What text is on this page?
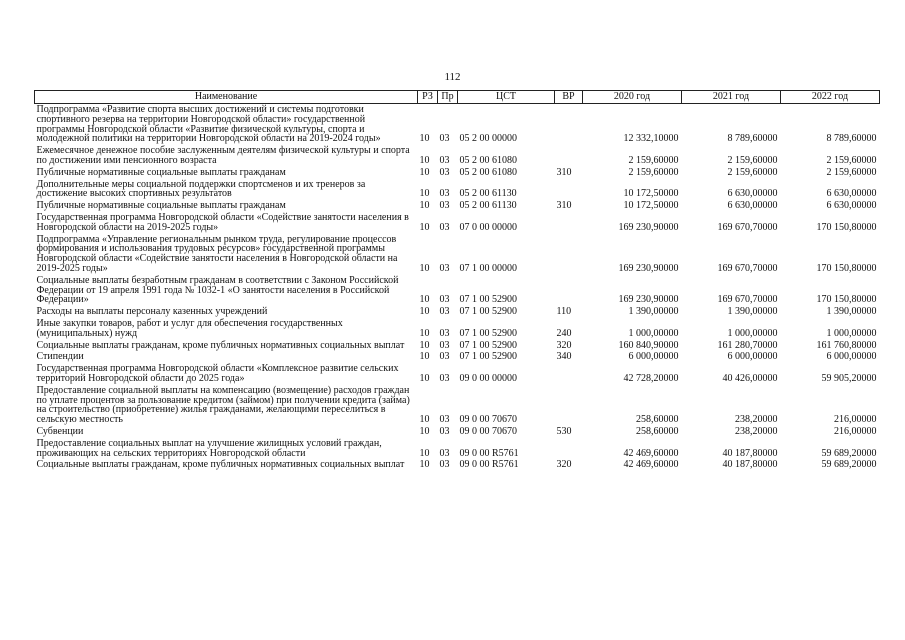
112
Наименование	РЗ	Пр	ЦСТ	ВР	2020 год	2021 год	2022 год
Подпрограмма «Развитие спорта высших достижений и системы подготовки спортивного резерва на территории Новгородской области» государственной программы Новгородской области «Развитие физической культуры, спорта и молодежной политики на территории Новгородской области на 2019-2024 годы»	10	03	05 2 00 00000		12 332,10000	8 789,60000	8 789,60000
Ежемесячное денежное пособие заслуженным деятелям физической культуры и спорта по достижении ими пенсионного возраста	10	03	05 2 00 61080		2 159,60000	2 159,60000	2 159,60000
Публичные нормативные социальные выплаты гражданам	10	03	05 2 00 61080	310	2 159,60000	2 159,60000	2 159,60000
Дополнительные меры социальной поддержки спортсменов и их тренеров за достижение высоких спортивных результатов	10	03	05 2 00 61130		10 172,50000	6 630,00000	6 630,00000
Публичные нормативные социальные выплаты гражданам	10	03	05 2 00 61130	310	10 172,50000	6 630,00000	6 630,00000
Государственная программа Новгородской области «Содействие занятости населения в Новгородской области на 2019-2025 годы»	10	03	07 0 00 00000		169 230,90000	169 670,70000	170 150,80000
Подпрограмма «Управление региональным рынком труда, регулирование процессов формирования и использования трудовых ресурсов» государственной программы Новгородской области «Содействие занятости населения в Новгородской области на 2019-2025 годы»	10	03	07 1 00 00000		169 230,90000	169 670,70000	170 150,80000
Социальные выплаты безработным гражданам в соответствии с Законом Российской Федерации от 19 апреля 1991 года № 1032-1 «О занятости населения в Российской Федерации»	10	03	07 1 00 52900		169 230,90000	169 670,70000	170 150,80000
Расходы на выплаты персоналу казенных учреждений	10	03	07 1 00 52900	110	1 390,00000	1 390,00000	1 390,00000
Иные закупки товаров, работ и услуг для обеспечения государственных (муниципальных) нужд	10	03	07 1 00 52900	240	1 000,00000	1 000,00000	1 000,00000
Социальные выплаты гражданам, кроме публичных нормативных социальных выплат	10	03	07 1 00 52900	320	160 840,90000	161 280,70000	161 760,80000
Стипендии	10	03	07 1 00 52900	340	6 000,00000	6 000,00000	6 000,00000
Государственная программа Новгородской области «Комплексное развитие сельских территорий Новгородской области до 2025 года»	10	03	09 0 00 00000		42 728,20000	40 426,00000	59 905,20000
Предоставление социальной выплаты на компенсацию (возмещение) расходов граждан по уплате процентов за пользование кредитом (займом) при получении кредита (займа) на строительство (приобретение) жилья гражданами, желающими переселиться в сельскую местность	10	03	09 0 00 70670		258,60000	238,20000	216,00000
Субвенции	10	03	09 0 00 70670	530	258,60000	238,20000	216,00000
Предоставление социальных выплат на улучшение жилищных условий граждан, проживающих на сельских территориях Новгородской области	10	03	09 0 00 R5761		42 469,60000	40 187,80000	59 689,20000
Социальные выплаты гражданам, кроме публичных нормативных социальных выплат	10	03	09 0 00 R5761	320	42 469,60000	40 187,80000	59 689,20000
